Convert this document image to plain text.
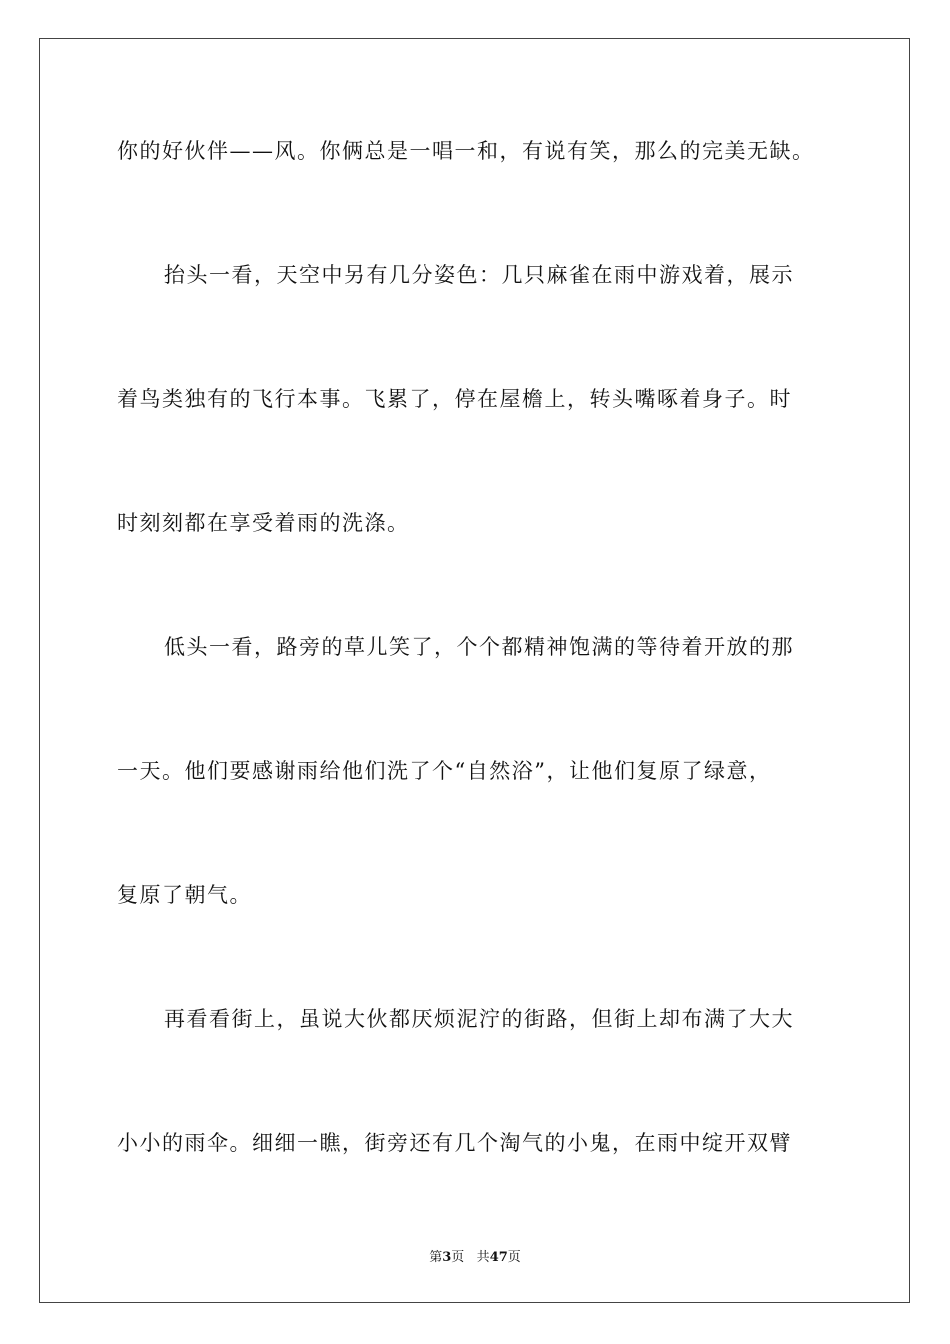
你的好伙伴——风。你俩总是一唱一和，有说有笑，那么的完美无缺。
抬头一看，天空中另有几分姿色：几只麻雀在雨中游戏着，展示
着鸟类独有的飞行本事。飞累了，停在屋檐上，转头嘴啄着身子。时
时刻刻都在享受着雨的洗涤。
低头一看，路旁的草儿笑了，个个都精神饱满的等待着开放的那
一天。他们要感谢雨给他们洗了个“自然浴”，让他们复原了绿意，
复原了朝气。
再看看街上，虽说大伙都厌烦泥泞的街路，但街上却布满了大大
小小的雨伞。细细一瞧，街旁还有几个淘气的小鬼，在雨中绽开双臂
第3页 共47页
